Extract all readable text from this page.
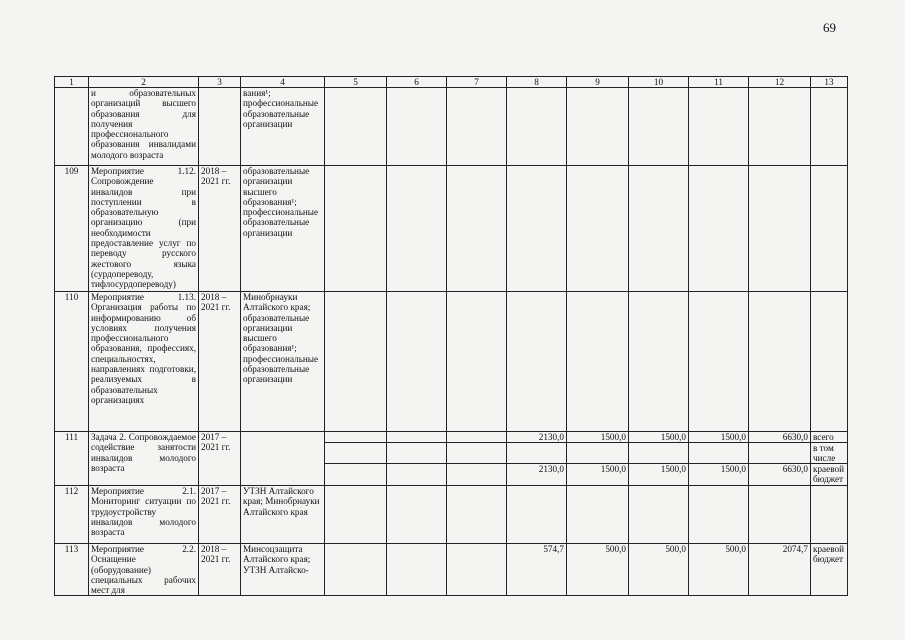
69
1	2	3	4	5	6	7	8	9	10	11	12	13
	и образовательных организаций высшего образования для получения профессионального образования инвалидами молодого возраста		вания¹; профессиональные образовательные организации									
109	Мероприятие 1.12. Сопровождение инвалидов при поступлении в образовательную организацию (при необходимости предоставление услуг по переводу русского жестового языка (сурдопереводу, тифлосурдопереводу)	2018 – 2021 гг.	образовательные организации высшего образования¹; профессиональные образовательные организации									
110	Мероприятие 1.13. Организация работы по информированию об условиях получения профессионального образования, профессиях, специальностях, направлениях подготовки, реализуемых в образовательных организациях	2018 – 2021 гг.	Минобрнауки Алтайского края; образовательные организации высшего образования¹; профессиональные образовательные организации									
111	Задача 2. Сопровождаемое содействие занятости инвалидов молодого возраста	2017 – 2021 гг.					2130,0	1500,0	1500,0	1500,0	6630,0	всего
												в том числе
							2130,0	1500,0	1500,0	1500,0	6630,0	краевой бюджет
112	Мероприятие 2.1. Мониторинг ситуации по трудоустройству инвалидов молодого возраста	2017 – 2021 гг.	УТЗН Алтайского края; Минобрнауки Алтайского края									
113	Мероприятие 2.2. Оснащение (оборудование) специальных рабочих мест для	2018 – 2021 гг.	Минсоцзащита Алтайского края; УТЗН Алтайско-				574,7	500,0	500,0	500,0	2074,7	краевой бюджет
